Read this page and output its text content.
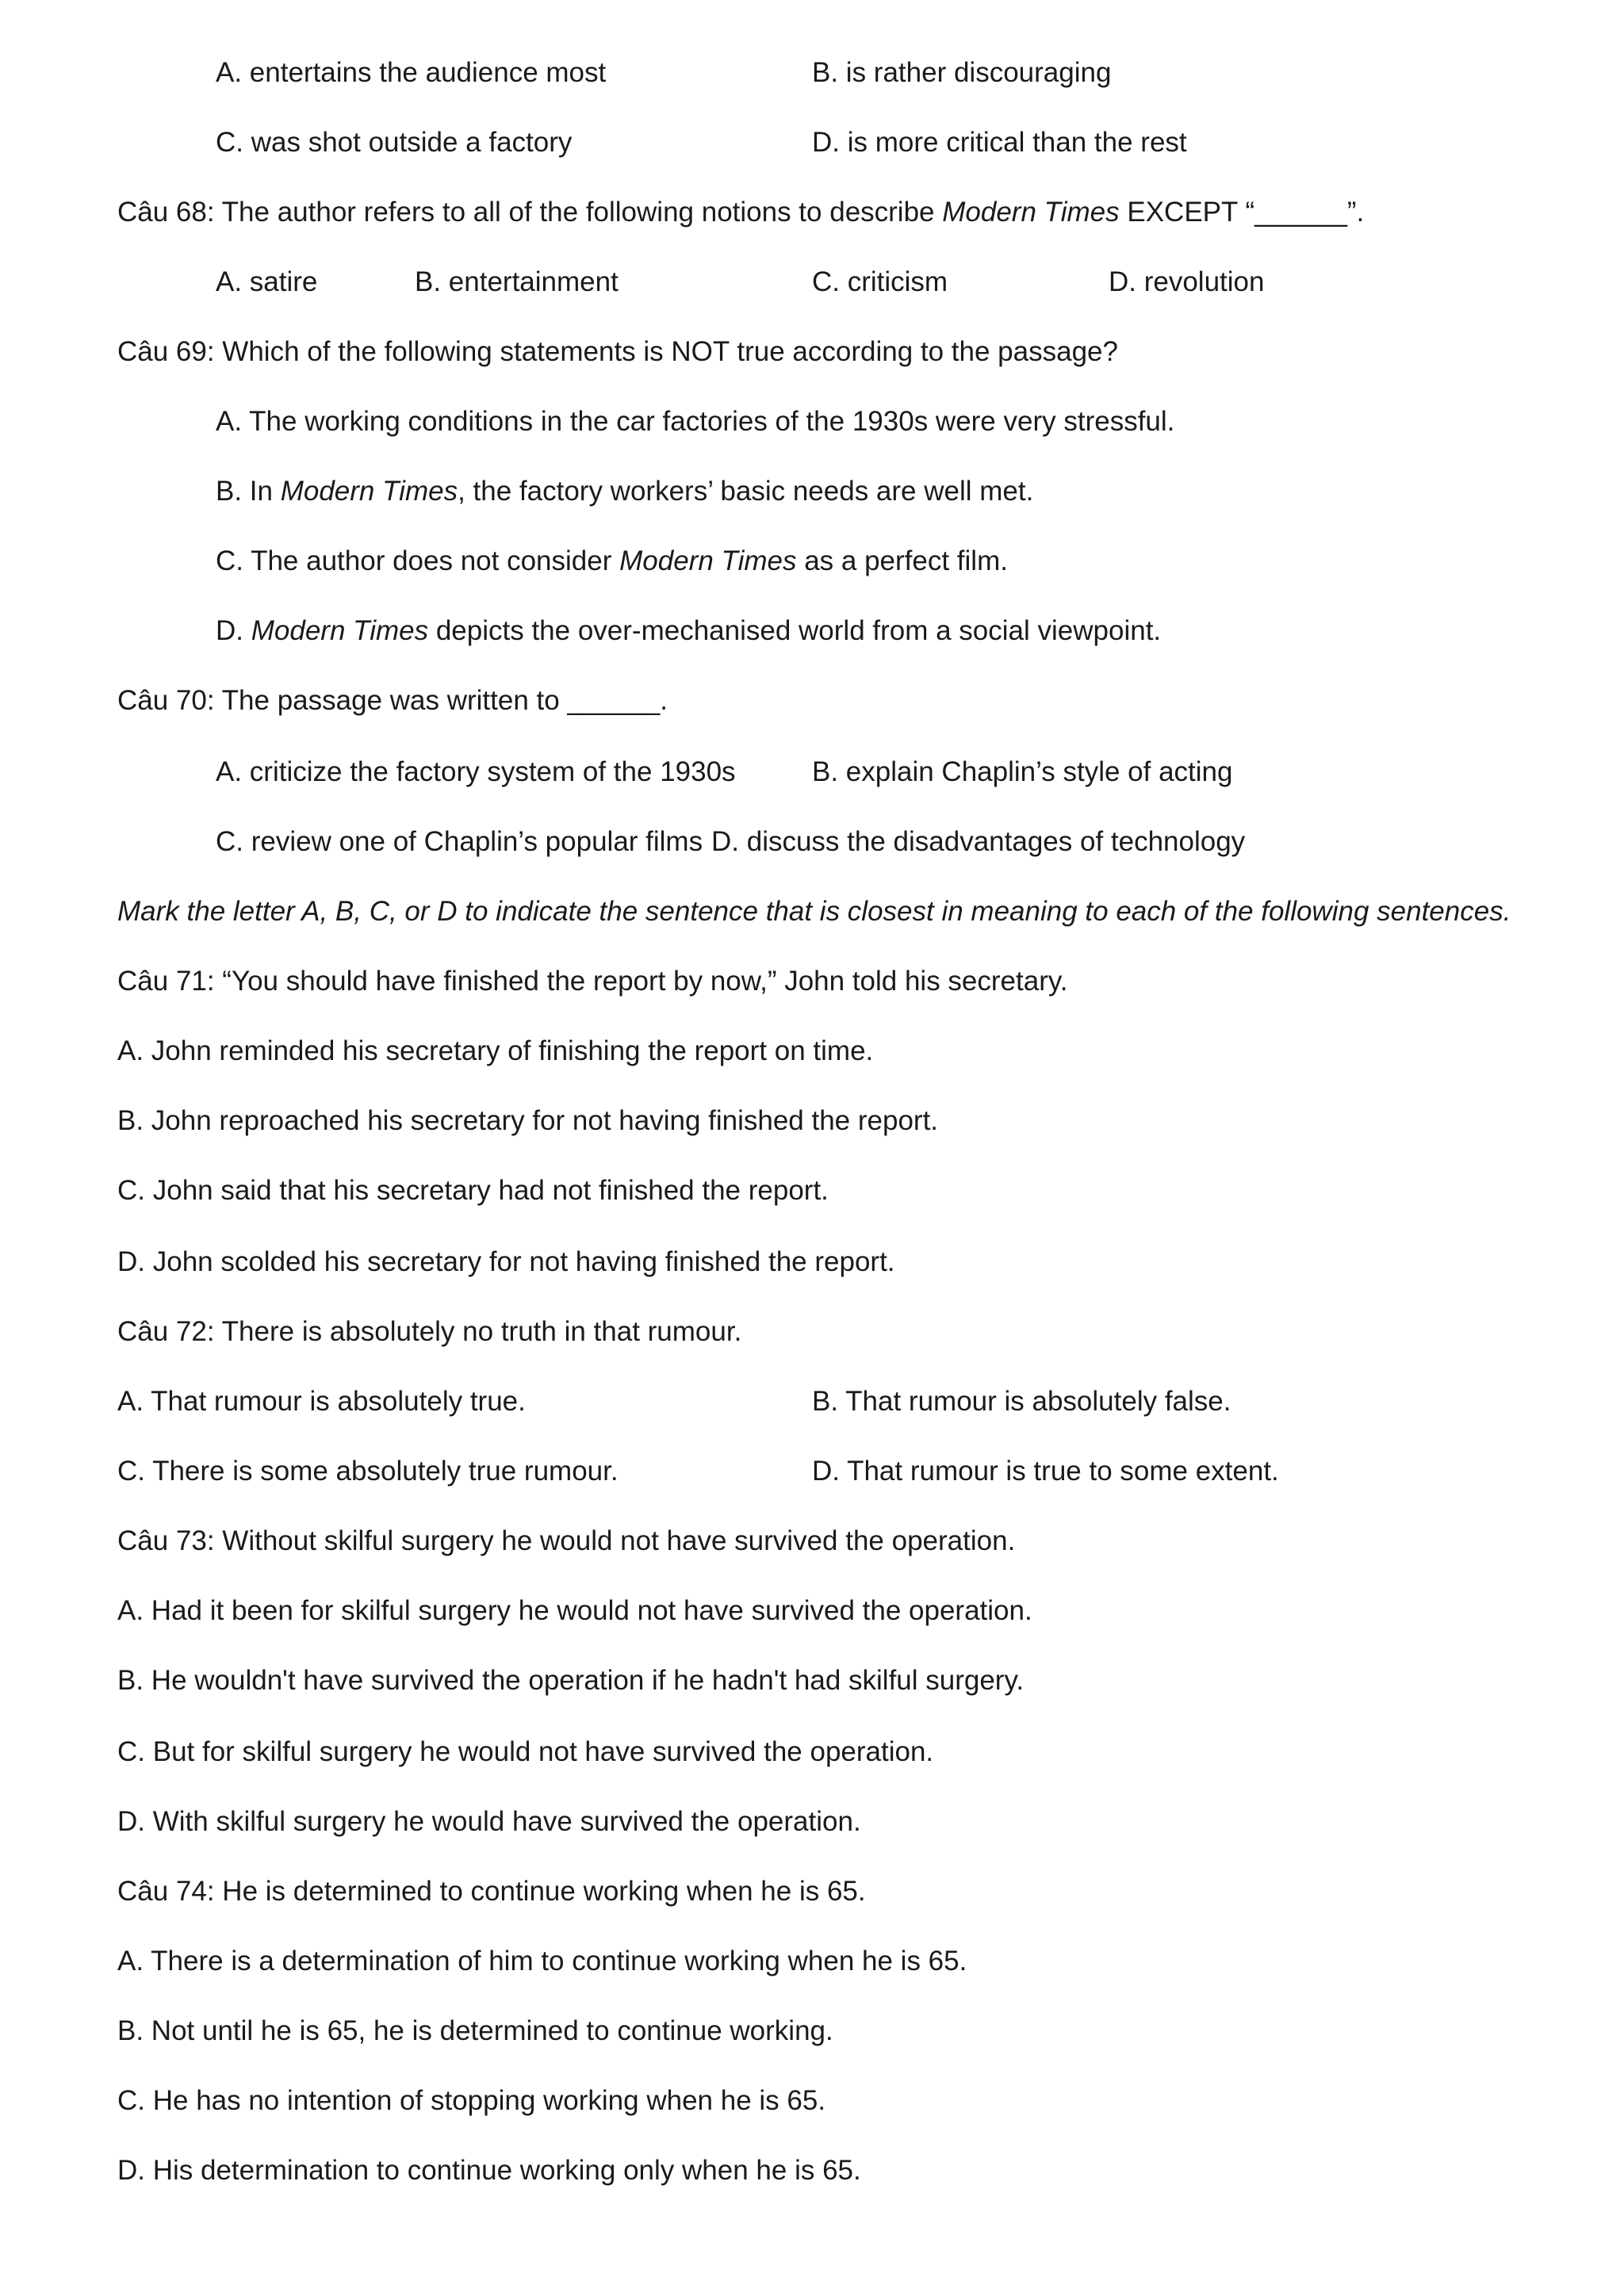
A. entertains the audience most	B. is rather discouraging
C. was shot outside a factory	D. is more critical than the rest
Câu 68: The author refers to all of the following notions to describe Modern Times EXCEPT “______”.
A. satire	B. entertainment	C. criticism	D. revolution
Câu 69: Which of the following statements is NOT true according to the passage?
A. The working conditions in the car factories of the 1930s were very stressful.
B. In Modern Times, the factory workers’ basic needs are well met.
C. The author does not consider Modern Times as a perfect film.
D. Modern Times depicts the over-mechanised world from a social viewpoint.
Câu 70: The passage was written to ______.
A. criticize the factory system of the 1930s	B. explain Chaplin’s style of acting
C. review one of Chaplin’s popular films D. discuss the disadvantages of technology
Mark the letter A, B, C, or D to indicate the sentence that is closest in meaning to each of the following sentences.
Câu 71: “You should have finished the report by now,” John told his secretary.
A. John reminded his secretary of finishing the report on time.
B. John reproached his secretary for not having finished the report.
C. John said that his secretary had not finished the report.
D. John scolded his secretary for not having finished the report.
Câu 72: There is absolutely no truth in that rumour.
A. That rumour is absolutely true.	B. That rumour is absolutely false.
C. There is some absolutely true rumour.	D. That rumour is true to some extent.
Câu 73: Without skilful surgery he would not have survived the operation.
A. Had it been for skilful surgery he would not have survived the operation.
B. He wouldn't have survived the operation if he hadn't had skilful surgery.
C. But for skilful surgery he would not have survived the operation.
D. With skilful surgery he would have survived the operation.
Câu 74: He is determined to continue working when he is 65.
A. There is a determination of him to continue working when he is 65.
B. Not until he is 65, he is determined to continue working.
C. He has no intention of stopping working when he is 65.
D. His determination to continue working only when he is 65.
